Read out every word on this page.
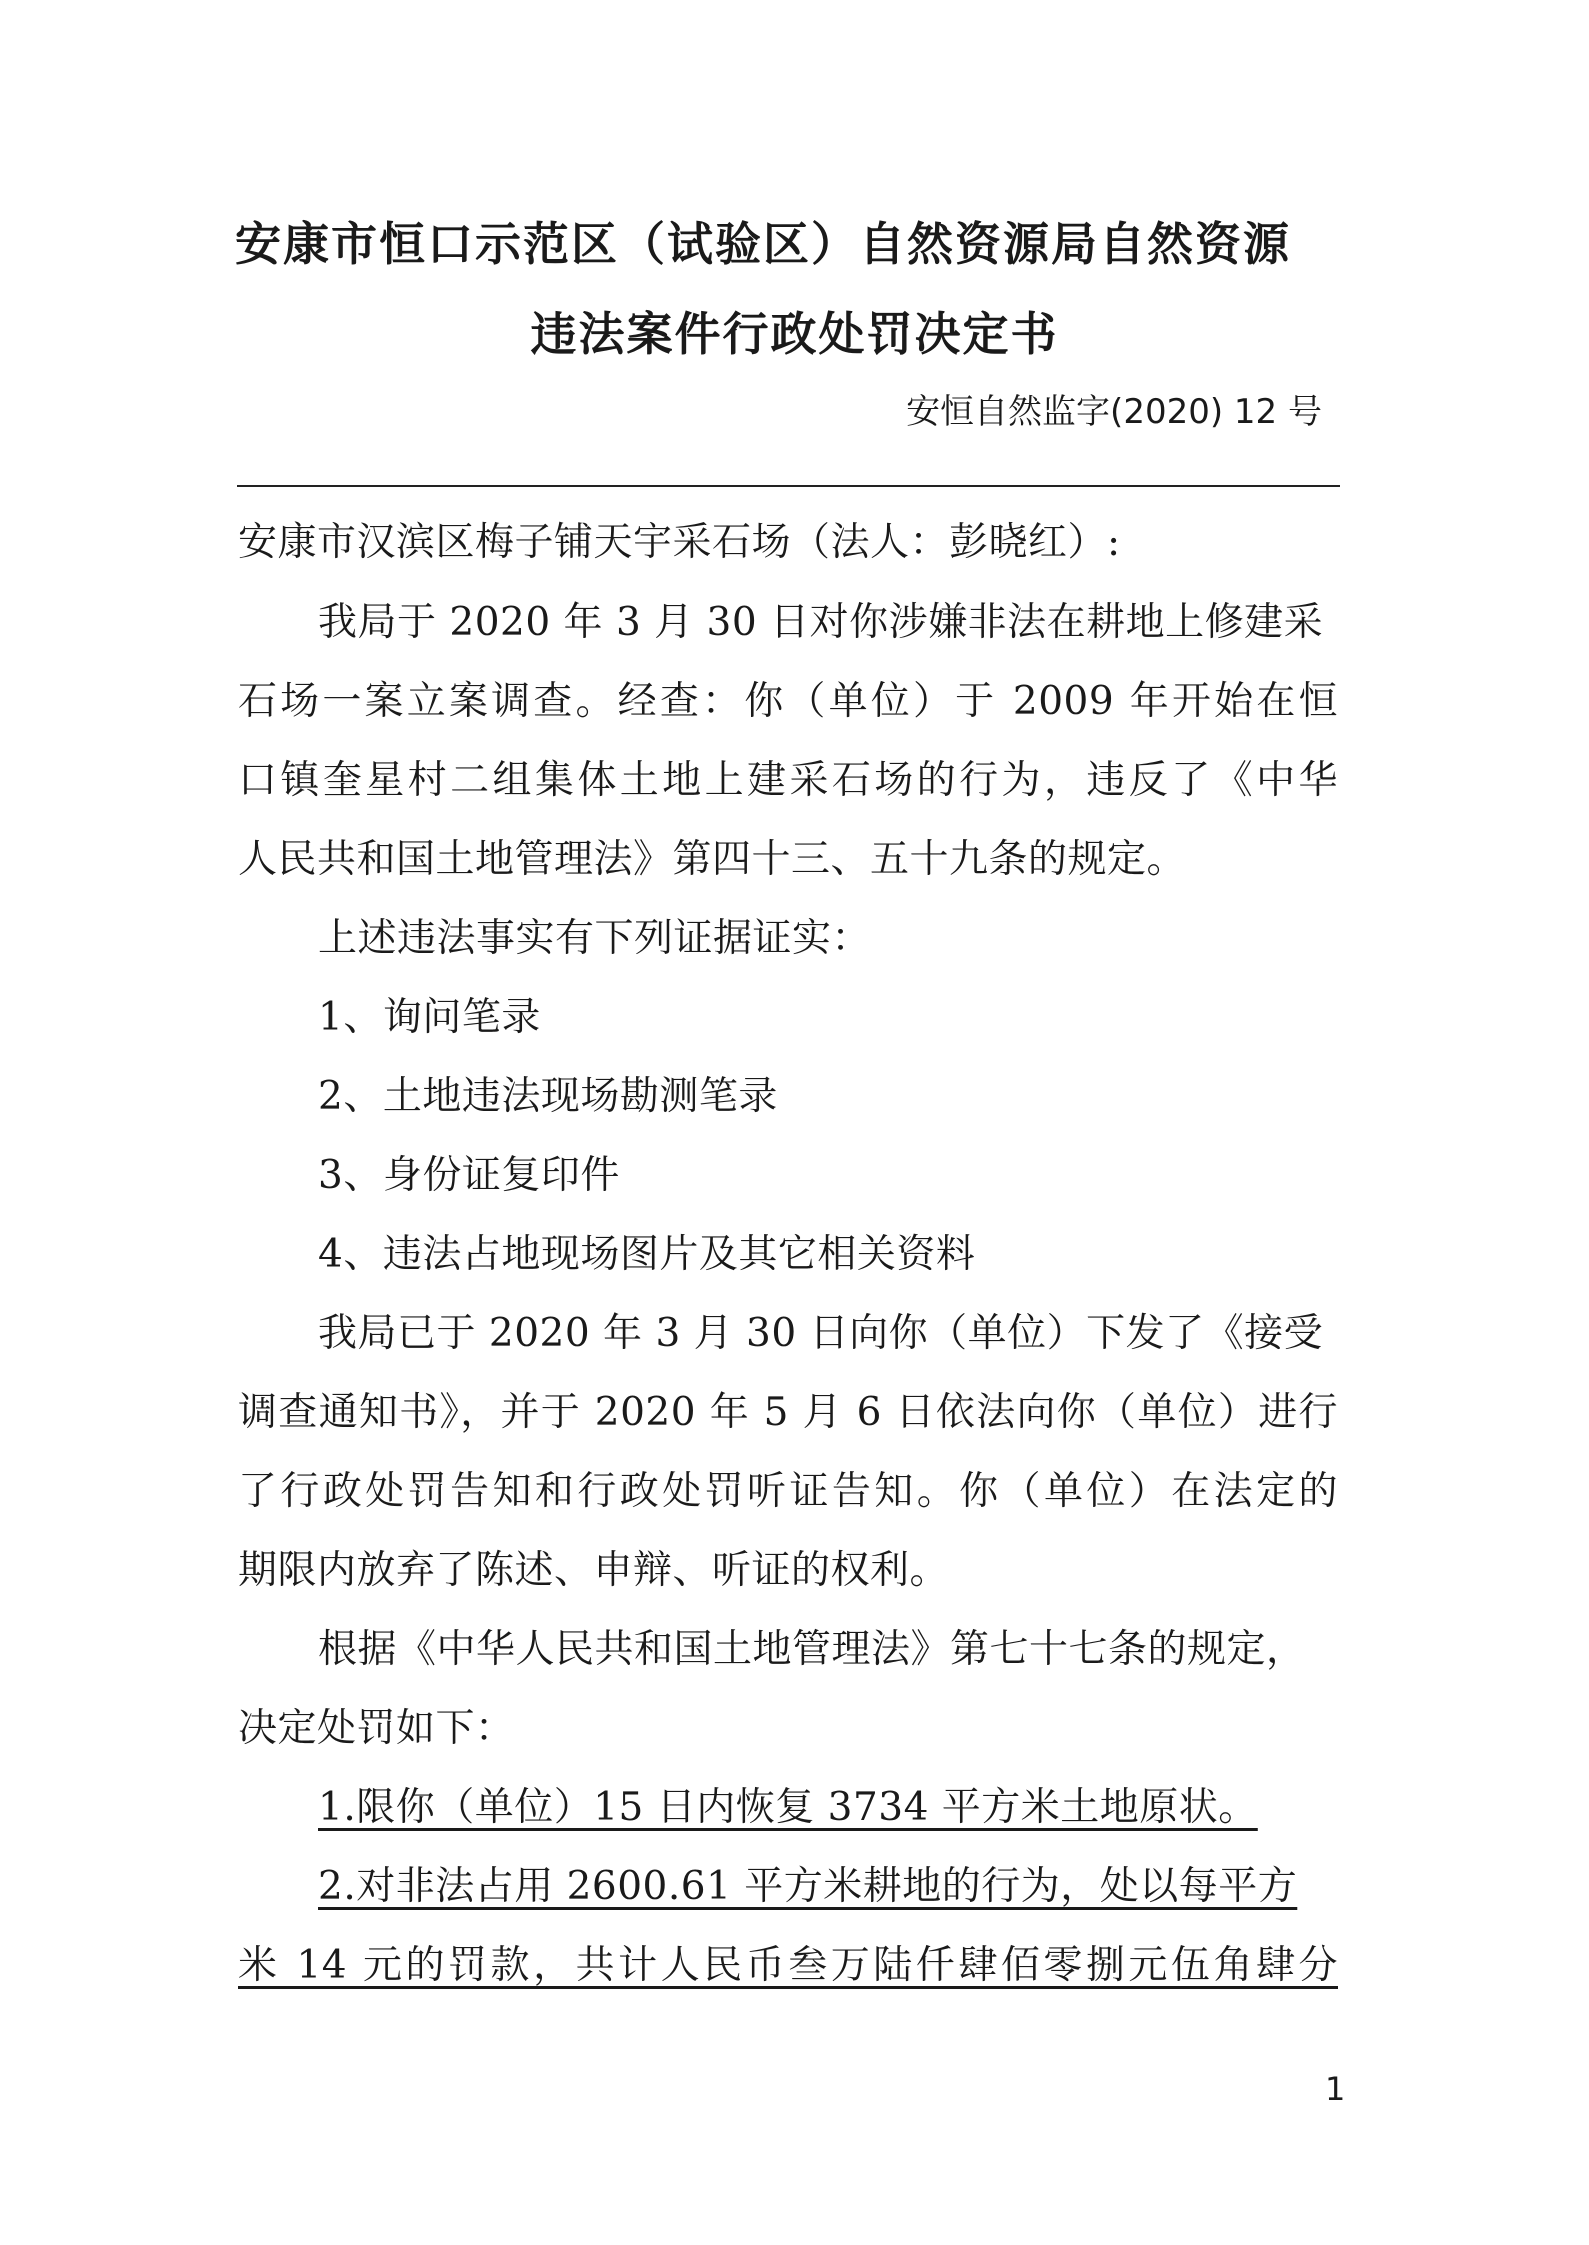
安康市恒口示范区（试验区）自然资源局自然资源
违法案件行政处罚决定书
安恒自然监字(2020) 12 号
安康市汉滨区梅子铺天宇采石场（法人：彭晓红）:
我局于 2020 年 3 月 30 日对你涉嫌非法在耕地上修建采
石场一案立案调查。经查：你（单位）于 2009 年开始在恒
口镇奎星村二组集体土地上建采石场的行为，违反了《中华
人民共和国土地管理法》第四十三、五十九条的规定。
上述违法事实有下列证据证实：
1、询问笔录
2、土地违法现场勘测笔录
3、身份证复印件
4、违法占地现场图片及其它相关资料
我局已于 2020 年 3 月 30 日向你（单位）下发了《接受
调查通知书》，并于 2020 年 5 月 6 日依法向你（单位）进行
了行政处罚告知和行政处罚听证告知。你（单位）在法定的
期限内放弃了陈述、申辩、听证的权利。
根据《中华人民共和国土地管理法》第七十七条的规定，
决定处罚如下：
1.限你（单位）15 日内恢复 3734 平方米土地原状。
2.对非法占用 2600.61 平方米耕地的行为，处以每平方
米 14 元的罚款，共计人民币叁万陆仟肆佰零捌元伍角肆分
1
